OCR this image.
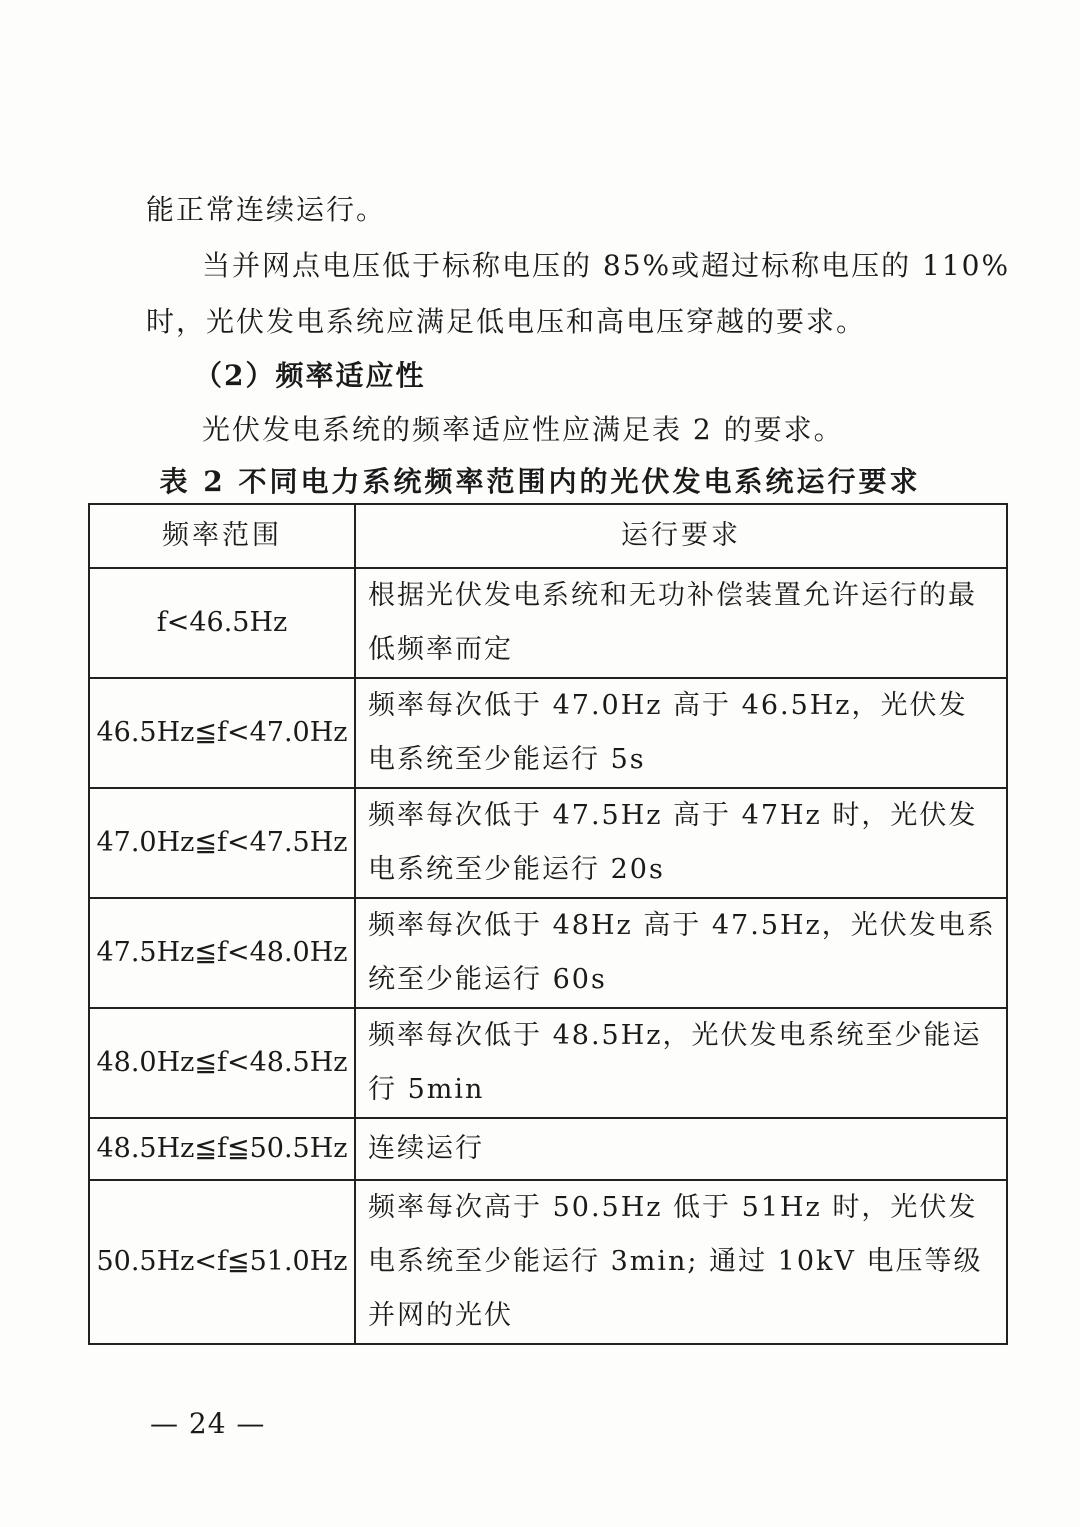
能正常连续运行。
当并网点电压低于标称电压的 85%或超过标称电压的 110%
时，光伏发电系统应满足低电压和高电压穿越的要求。
（2）频率适应性
光伏发电系统的频率适应性应满足表 2 的要求。
表 2 不同电力系统频率范围内的光伏发电系统运行要求
频率范围	运行要求
f<46.5Hz	根据光伏发电系统和无功补偿装置允许运行的最低频率而定
46.5Hz≦f<47.0Hz	频率每次低于 47.0Hz 高于 46.5Hz，光伏发电系统至少能运行 5s
47.0Hz≦f<47.5Hz	频率每次低于 47.5Hz 高于 47Hz 时，光伏发电系统至少能运行 20s
47.5Hz≦f<48.0Hz	频率每次低于 48Hz 高于 47.5Hz，光伏发电系统至少能运行 60s
48.0Hz≦f<48.5Hz	频率每次低于 48.5Hz，光伏发电系统至少能运行 5min
48.5Hz≦f≦50.5Hz	连续运行
50.5Hz<f≦51.0Hz	频率每次高于 50.5Hz 低于 51Hz 时，光伏发电系统至少能运行 3min; 通过 10kV 电压等级并网的光伏
— 24 —
